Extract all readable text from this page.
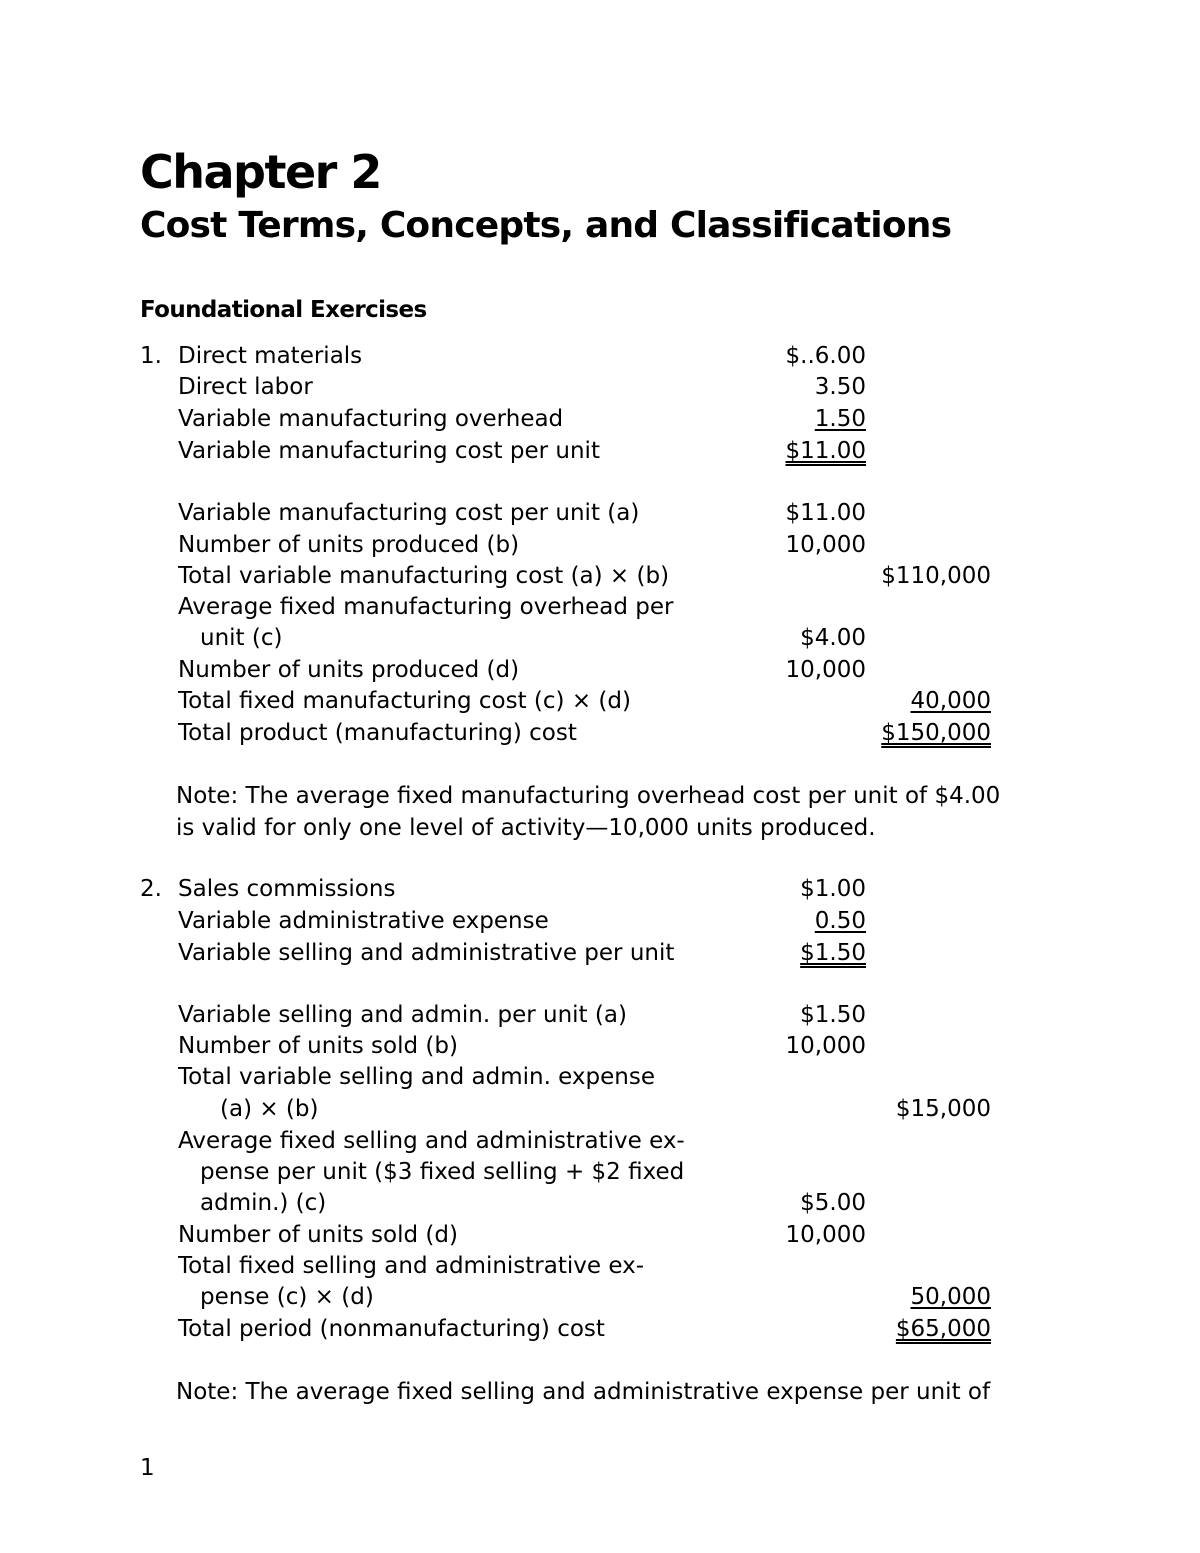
Chapter 2
Cost Terms, Concepts, and Classifications
Foundational Exercises
1. Direct materials .....	$..6.00
Direct labor .....	3.50
Variable manufacturing overhead .....	1.50
Variable manufacturing cost per unit .....	$11.00
Variable manufacturing cost per unit (a) .....	$11.00
Number of units produced (b) .....	10,000
Total variable manufacturing cost (a) × (b) .....	$110,000
Average fixed manufacturing overhead per
unit (c) .....	$4.00
Number of units produced (d) .....	10,000
Total fixed manufacturing cost (c) × (d) .....	40,000
Total product (manufacturing) cost .....	$150,000
Note: The average fixed manufacturing overhead cost per unit of $4.00
is valid for only one level of activity—10,000 units produced.
2. Sales commissions .....	$1.00
Variable administrative expense .....	0.50
Variable selling and administrative per unit .....	$1.50
Variable selling and admin. per unit (a) .....	$1.50
Number of units sold (b) .....	10,000
Total variable selling and admin. expense
(a) × (b) .....	$15,000
Average fixed selling and administrative ex-
pense per unit ($3 fixed selling + $2 fixed
admin.) (c) .....	$5.00
Number of units sold (d) .....	10,000
Total fixed selling and administrative ex-
pense (c) × (d) .....	50,000
Total period (nonmanufacturing) cost .....	$65,000
Note: The average fixed selling and administrative expense per unit of
1
